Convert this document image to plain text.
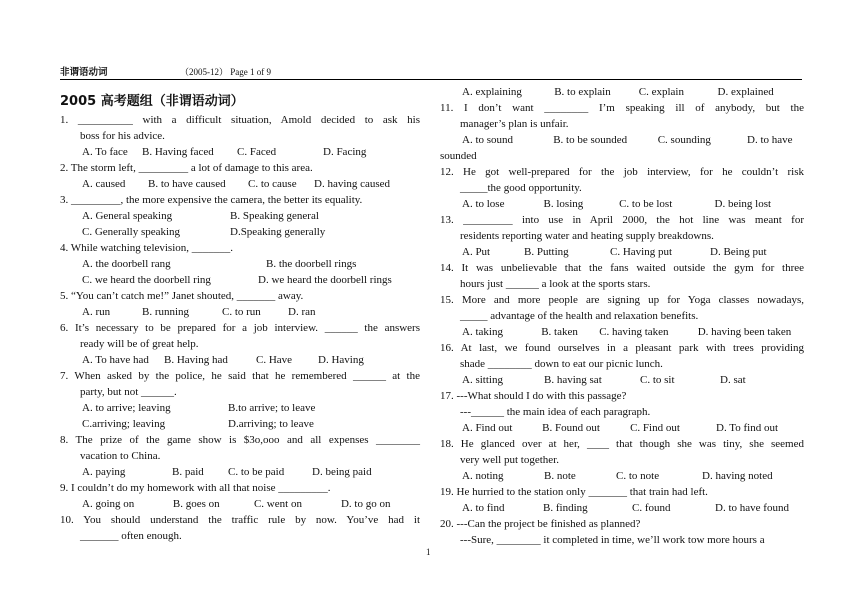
非谓语动词	（2005-12） Page 1 of 9
1. __________ with a difficult situation, Amold decided to ask his
boss for his advice.
A. To face	B. Having faced	C. Faced	D. Facing
2. The storm left, _________ a lot of damage to this area.
A. caused	B. to have caused	C. to cause	D. having caused
3. _________, the more expensive the camera, the better its equality.
A. General speaking	B. Speaking general
C. Generally speaking	D.Speaking generally
4. While watching television, _______.
A. the doorbell rang	B. the doorbell rings
C. we heard the doorbell ring	D. we heard the doorbell rings
5. “You can’t catch me!” Janet shouted, _______ away.
A. run	B. running	C. to run	D. ran
6. It’s necessary to be prepared for a job interview. ______ the answers
ready will be of great help.
A. To have had	B. Having had	C. Have	D. Having
7. When asked by the police, he said that he remembered ______ at the
party, but not ______.
A. to arrive; leaving	B.to arrive; to leave
C.arriving; leaving	D.arriving; to leave
8. The prize of the game show is $3o,ooo and all expenses ________
vacation to China.
A. paying	B. paid	C. to be paid	D. being paid
9. I couldn’t do my homework with all that noise _________.
A. going on	B. goes on	C. went on	D. to go on
10. You should understand the traffic rule by now. You’ve had it
_______ often enough.
A. explaining	B. to explain	C. explain	D. explained
11. I don’t want ________ I’m speaking ill of anybody, but the
manager’s plan is unfair.
A. to sound	B. to be sounded	C. sounding	D. to have
sounded
12. He got well-prepared for the job interview, for he couldn’t risk
_____the good opportunity.
A. to lose	B. losing	C. to be lost	D. being lost
13. _________ into use in April 2000, the hot line was meant for
residents reporting water and heating supply breakdowns.
A. Put	B. Putting	C. Having put	D. Being put
14. It was unbelievable that the fans waited outside the gym for three
hours just ______ a look at the sports stars.
15. More and more people are signing up for Yoga classes nowadays,
_____ advantage of the health and relaxation benefits.
A. taking	B. taken	C. having taken	D. having been taken
16. At last, we found ourselves in a pleasant park with trees providing
shade ________ down to eat our picnic lunch.
A. sitting	B. having sat	C. to sit	D. sat
17. ---What should I do with this passage?
---______ the main idea of each paragraph.
A. Find out	B. Found out	C. Find out	D. To find out
18. He glanced over at her, ____ that though she was tiny, she seemed
very well put together.
A. noting	B. note	C. to note	D. having noted
19. He hurried to the station only _______ that train had left.
A. to find	B. finding	C. found	D. to have found
20. ---Can the project be finished as planned?
---Sure, ________ it completed in time, we’ll work tow more hours a
1
2005 高考题组（非谓语动词）
